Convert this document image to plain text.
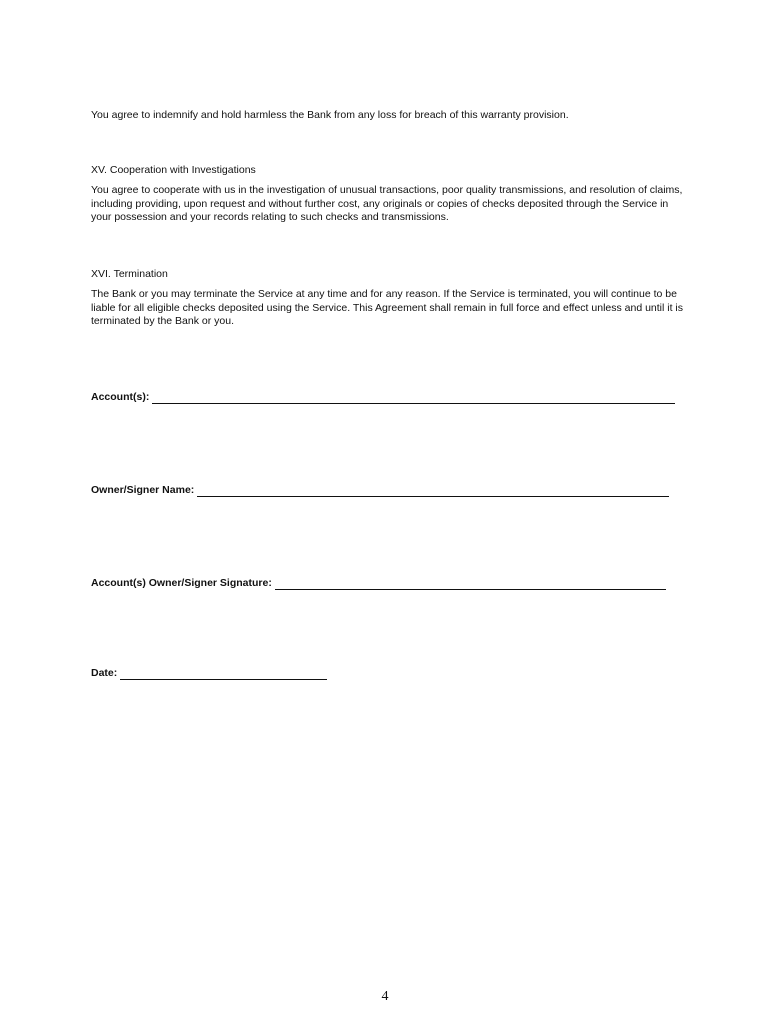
You agree to indemnify and hold harmless the Bank from any loss for breach of this warranty provision.

XV. Cooperation with Investigations

You agree to cooperate with us in the investigation of unusual transactions, poor quality transmissions, and resolution of claims, including providing, upon request and without further cost, any originals or copies of checks deposited through the Service in your possession and your records relating to such checks and transmissions.

XVI. Termination

The Bank or you may terminate the Service at any time and for any reason. If the Service is terminated, you will continue to be liable for all eligible checks deposited using the Service. This Agreement shall remain in full force and effect unless and until it is terminated by the Bank or you.

Account(s):
Owner/Signer Name:
Account(s) Owner/Signer Signature:
Date:
4
